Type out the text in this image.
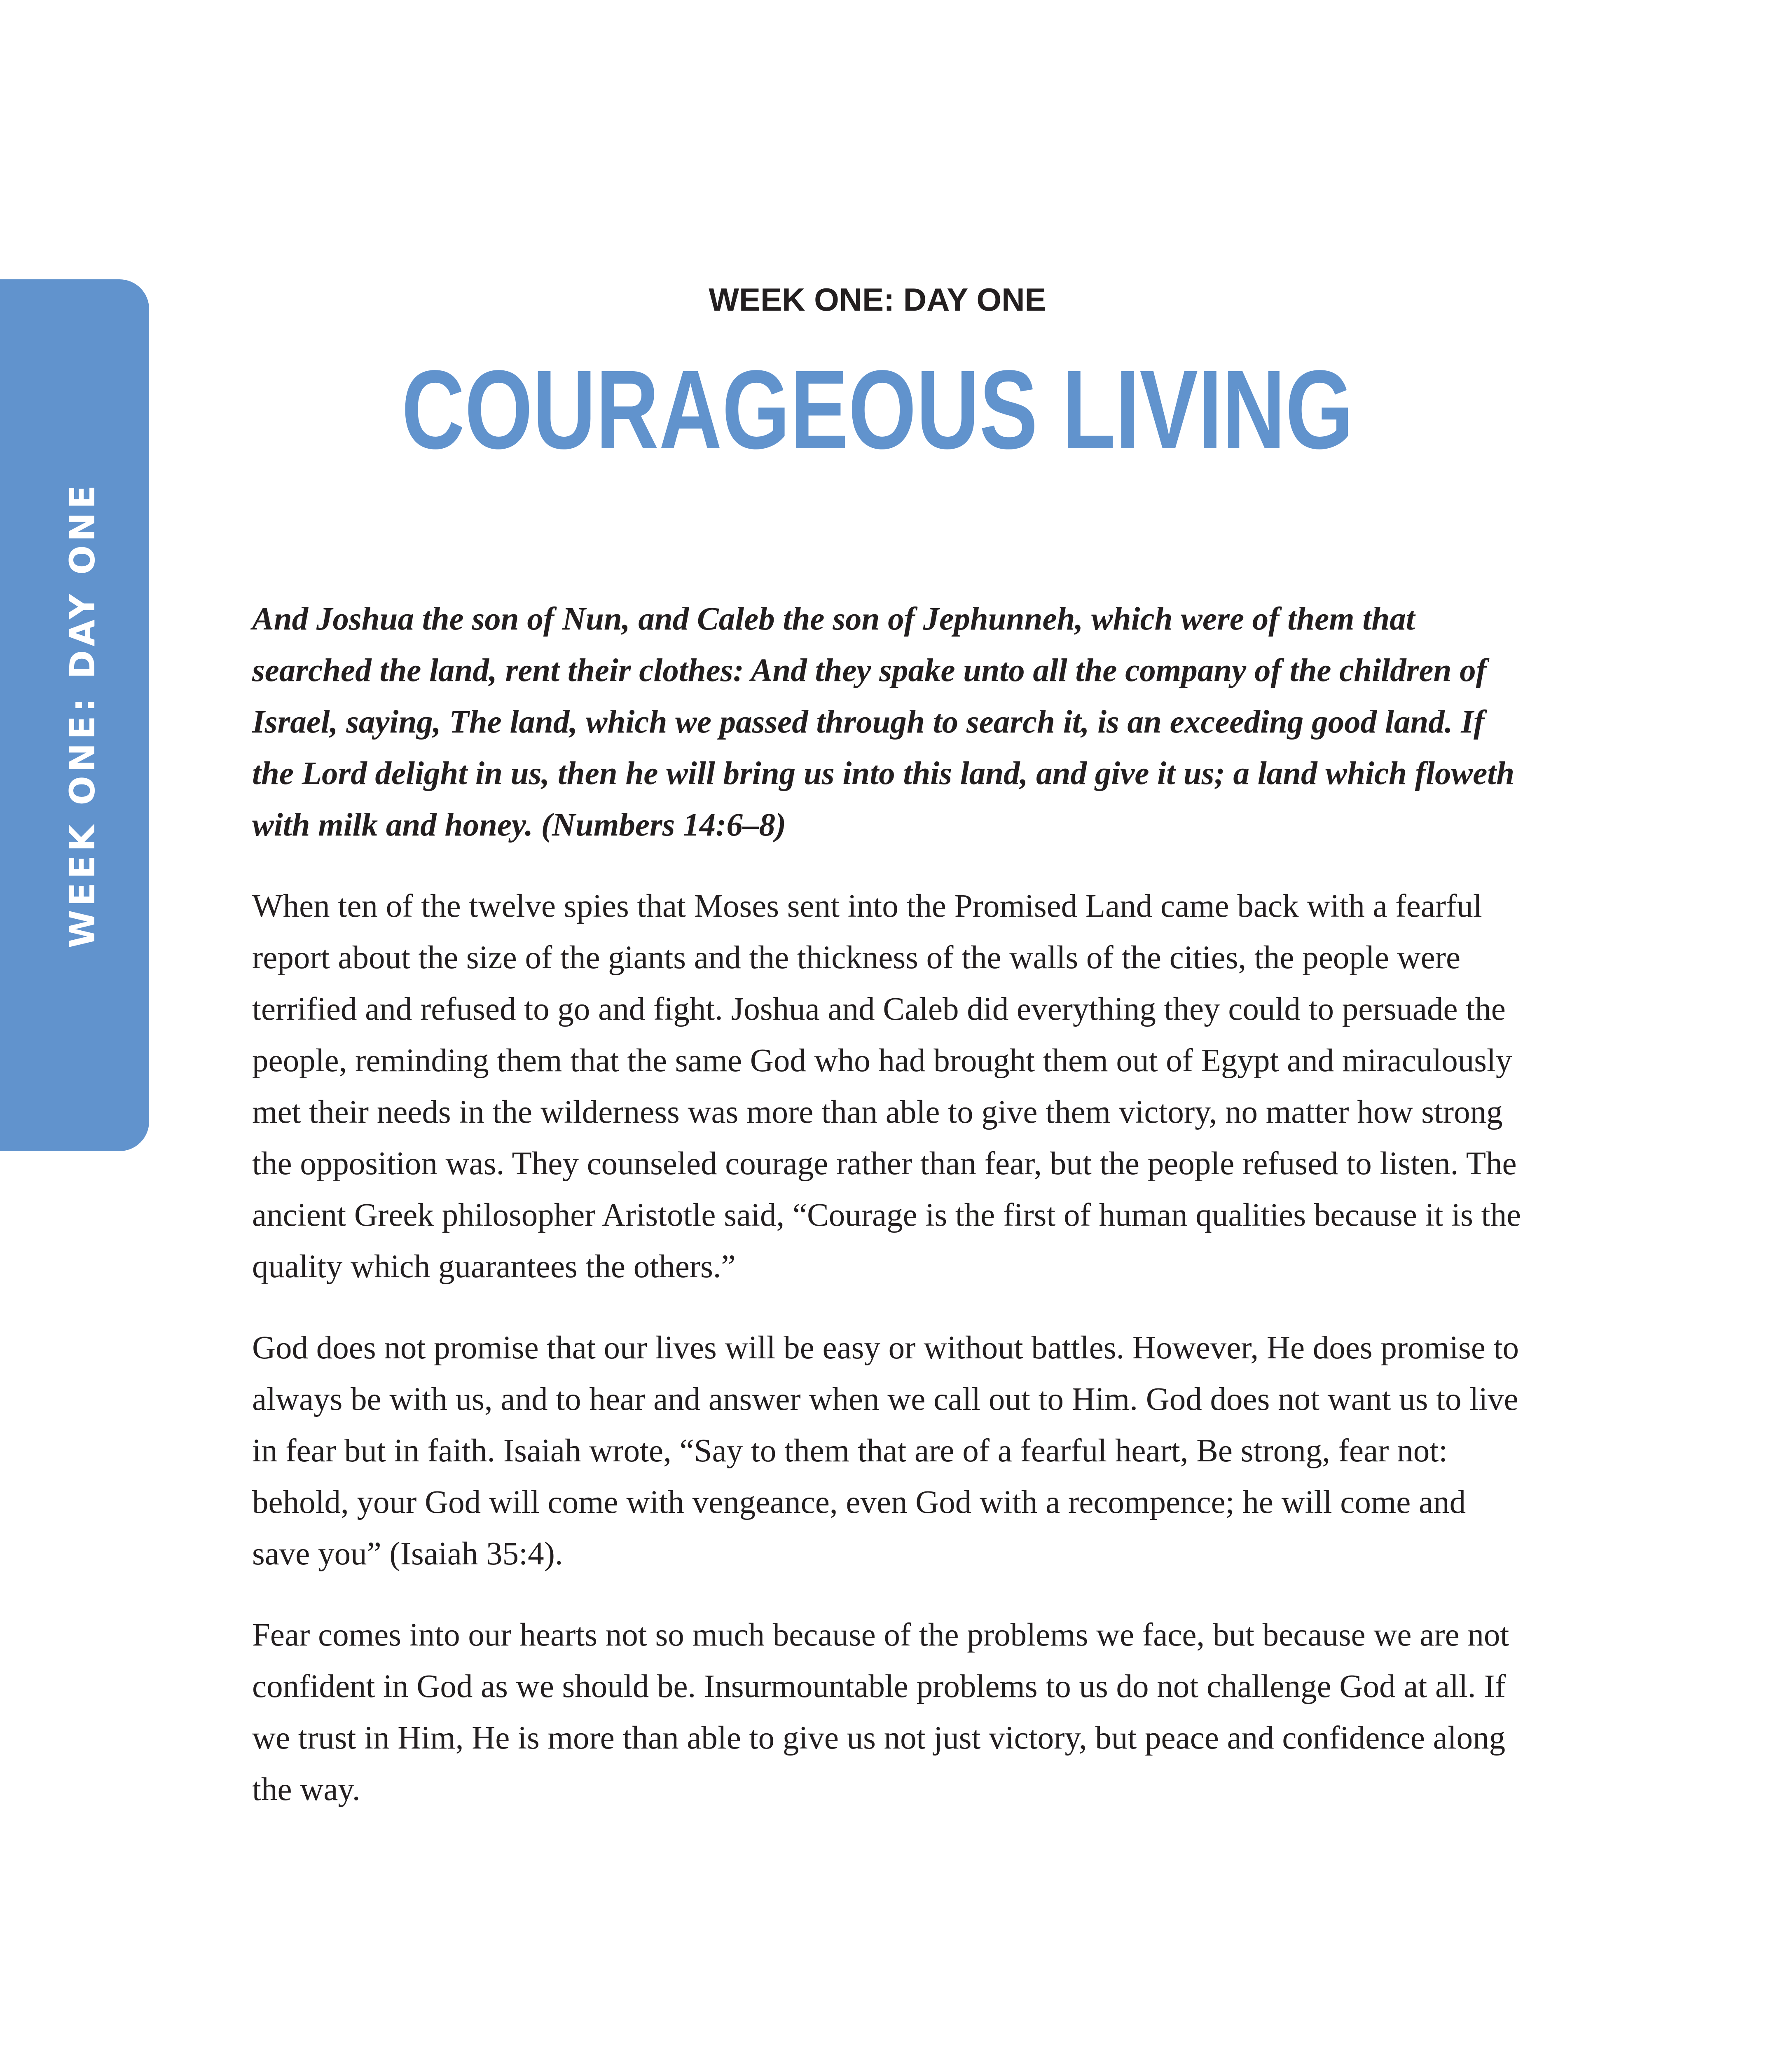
WEEK ONE: DAY ONE
WEEK ONE: DAY ONE
COURAGEOUS LIVING

And Joshua the son of Nun, and Caleb the son of Jephunneh, which were of them that searched the land, rent their clothes: And they spake unto all the company of the children of Israel, saying, The land, which we passed through to search it, is an exceeding good land. If the Lord delight in us, then he will bring us into this land, and give it us; a land which floweth with milk and honey. (Numbers 14:6–8)

When ten of the twelve spies that Moses sent into the Promised Land came back with a fearful report about the size of the giants and the thickness of the walls of the cities, the people were terrified and refused to go and fight. Joshua and Caleb did everything they could to persuade the people, reminding them that the same God who had brought them out of Egypt and miraculously met their needs in the wilderness was more than able to give them victory, no matter how strong the opposition was. They counseled courage rather than fear, but the people refused to listen. The ancient Greek philosopher Aristotle said, “Courage is the first of human qualities because it is the quality which guarantees the others.”

God does not promise that our lives will be easy or without battles. However, He does promise to always be with us, and to hear and answer when we call out to Him. God does not want us to live in fear but in faith. Isaiah wrote, “Say to them that are of a fearful heart, Be strong, fear not: behold, your God will come with vengeance, even God with a recompence; he will come and save you” (Isaiah 35:4).

Fear comes into our hearts not so much because of the problems we face, but because we are not confident in God as we should be. Insurmountable problems to us do not challenge God at all. If we trust in Him, He is more than able to give us not just victory, but peace and confidence along the way.
